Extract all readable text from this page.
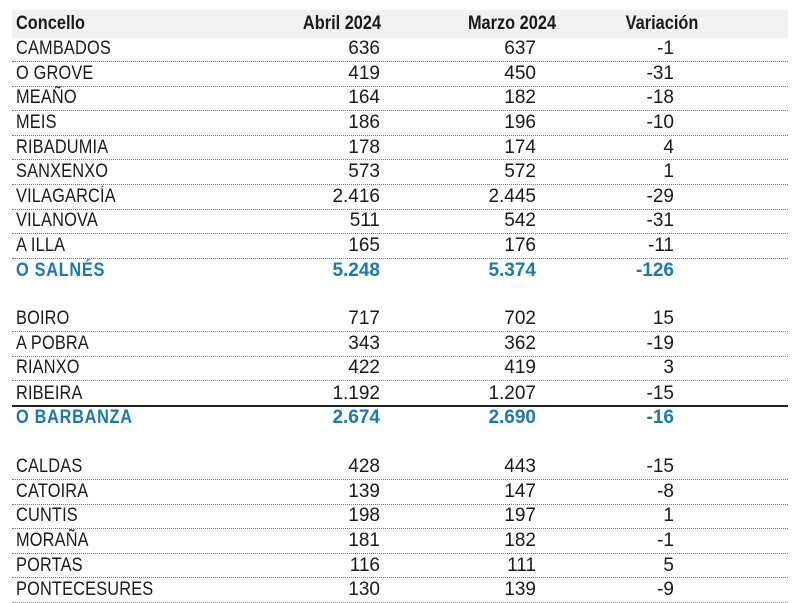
Concello	Abril 2024	Marzo 2024	Variación
CAMBADOS	636	637	-1
O GROVE	419	450	-31
MEAÑO	164	182	-18
MEIS	186	196	-10
RIBADUMIA	178	174	4
SANXENXO	573	572	1
VILAGARCÍA	2.416	2.445	-29
VILANOVA	511	542	-31
A ILLA	165	176	-11
O SALNÉS	5.248	5.374	-126
BOIRO	717	702	15
A POBRA	343	362	-19
RIANXO	422	419	3
RIBEIRA	1.192	1.207	-15
O BARBANZA	2.674	2.690	-16
CALDAS	428	443	-15
CATOIRA	139	147	-8
CUNTIS	198	197	1
MORAÑA	181	182	-1
PORTAS	116	111	5
PONTECESURES	130	139	-9
